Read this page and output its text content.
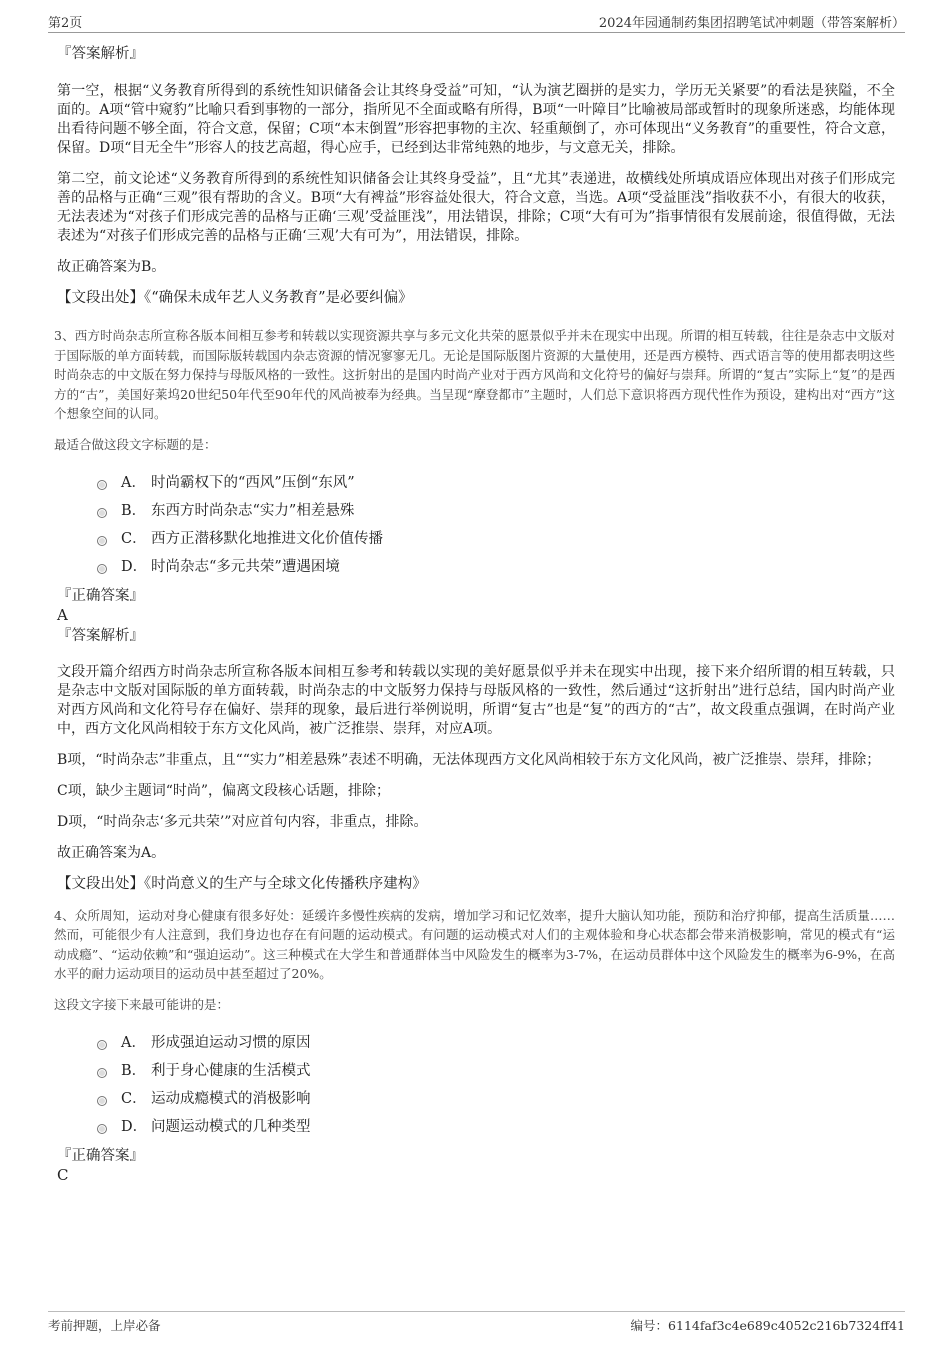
第2页	2024年园通制药集团招聘笔试冲刺题（带答案解析）
『答案解析』

第一空，根据“义务教育所得到的系统性知识储备会让其终身受益”可知，“认为演艺圈拼的是实力，学历无关紧要”的看法是狭隘，不全面的。A项“管中窥豹”比喻只看到事物的一部分，指所见不全面或略有所得，B项“一叶障目”比喻被局部或暂时的现象所迷惑，均能体现出看待问题不够全面，符合文意，保留；C项“本末倒置”形容把事物的主次、轻重颠倒了，亦可体现出“义务教育”的重要性，符合文意，保留。D项“目无全牛”形容人的技艺高超，得心应手，已经到达非常纯熟的地步，与文意无关，排除。

第二空，前文论述“义务教育所得到的系统性知识储备会让其终身受益”，且“尤其”表递进，故横线处所填成语应体现出对孩子们形成完善的品格与正确“三观”很有帮助的含义。B项“大有裨益”形容益处很大，符合文意，当选。A项“受益匪浅”指收获不小，有很大的收获，无法表述为“对孩子们形成完善的品格与正确‘三观’受益匪浅”，用法错误，排除；C项“大有可为”指事情很有发展前途，很值得做，无法表述为“对孩子们形成完善的品格与正确‘三观’大有可为”，用法错误，排除。

故正确答案为B。

【文段出处】《“确保未成年艺人义务教育”是必要纠偏》

3、西方时尚杂志所宣称各版本间相互参考和转载以实现资源共享与多元文化共荣的愿景似乎并未在现实中出现。所谓的相互转载，往往是杂志中文版对于国际版的单方面转载，而国际版转载国内杂志资源的情况寥寥无几。无论是国际版图片资源的大量使用，还是西方模特、西式语言等的使用都表明这些时尚杂志的中文版在努力保持与母版风格的一致性。这折射出的是国内时尚产业对于西方风尚和文化符号的偏好与崇拜。所谓的“复古”实际上“复”的是西方的“古”，美国好莱坞20世纪50年代至90年代的风尚被奉为经典。当呈现“摩登都市”主题时，人们总下意识将西方现代性作为预设，建构出对“西方”这个想象空间的认同。

最适合做这段文字标题的是：

A． 时尚霸权下的“西风”压倒“东风”
B． 东西方时尚杂志“实力”相差悬殊
C． 西方正潜移默化地推进文化价值传播
D． 时尚杂志“多元共荣”遭遇困境
『正确答案』
A
『答案解析』

文段开篇介绍西方时尚杂志所宣称各版本间相互参考和转载以实现的美好愿景似乎并未在现实中出现，接下来介绍所谓的相互转载，只是杂志中文版对国际版的单方面转载，时尚杂志的中文版努力保持与母版风格的一致性，然后通过“这折射出”进行总结，国内时尚产业对西方风尚和文化符号存在偏好、崇拜的现象，最后进行举例说明，所谓“复古”也是“复”的西方的“古”，故文段重点强调，在时尚产业中，西方文化风尚相较于东方文化风尚，被广泛推崇、崇拜，对应A项。

B项，“时尚杂志”非重点，且““实力”相差悬殊”表述不明确，无法体现西方文化风尚相较于东方文化风尚，被广泛推崇、崇拜，排除；

C项，缺少主题词“时尚”，偏离文段核心话题，排除；

D项，“时尚杂志‘多元共荣’”对应首句内容，非重点，排除。

故正确答案为A。

【文段出处】《时尚意义的生产与全球文化传播秩序建构》

4、众所周知，运动对身心健康有很多好处：延缓许多慢性疾病的发病，增加学习和记忆效率，提升大脑认知功能，预防和治疗抑郁，提高生活质量……然而，可能很少有人注意到，我们身边也存在有问题的运动模式。有问题的运动模式对人们的主观体验和身心状态都会带来消极影响，常见的模式有“运动成瘾”、“运动依赖”和“强迫运动”。这三种模式在大学生和普通群体当中风险发生的概率为3-7%，在运动员群体中这个风险发生的概率为6-9%，在高水平的耐力运动项目的运动员中甚至超过了20%。

这段文字接下来最可能讲的是：

A． 形成强迫运动习惯的原因
B． 利于身心健康的生活模式
C． 运动成瘾模式的消极影响
D． 问题运动模式的几种类型
『正确答案』
C
考前押题，上岸必备	编号：6114faf3c4e689c4052c216b7324ff41
